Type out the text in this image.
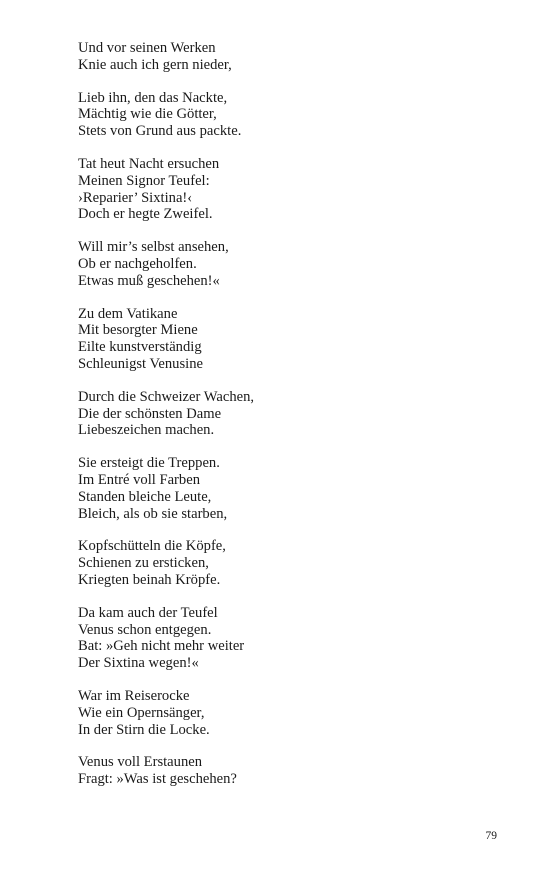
Und vor seinen Werken
Knie auch ich gern nieder,
Lieb ihn, den das Nackte,
Mächtig wie die Götter,
Stets von Grund aus packte.
Tat heut Nacht ersuchen
Meinen Signor Teufel:
›Reparier’ Sixtina!‹
Doch er hegte Zweifel.
Will mir’s selbst ansehen,
Ob er nachgeholfen.
Etwas muß geschehen!«
Zu dem Vatikane
Mit besorgter Miene
Eilte kunstverständig
Schleunigst Venusine
Durch die Schweizer Wachen,
Die der schönsten Dame
Liebeszeichen machen.
Sie ersteigt die Treppen.
Im Entré voll Farben
Standen bleiche Leute,
Bleich, als ob sie starben,
Kopfschütteln die Köpfe,
Schienen zu ersticken,
Kriegten beinah Kröpfe.
Da kam auch der Teufel
Venus schon entgegen.
Bat: »Geh nicht mehr weiter
Der Sixtina wegen!«
War im Reiserocke
Wie ein Opernsänger,
In der Stirn die Locke.
Venus voll Erstaunen
Fragt: »Was ist geschehen?
79
